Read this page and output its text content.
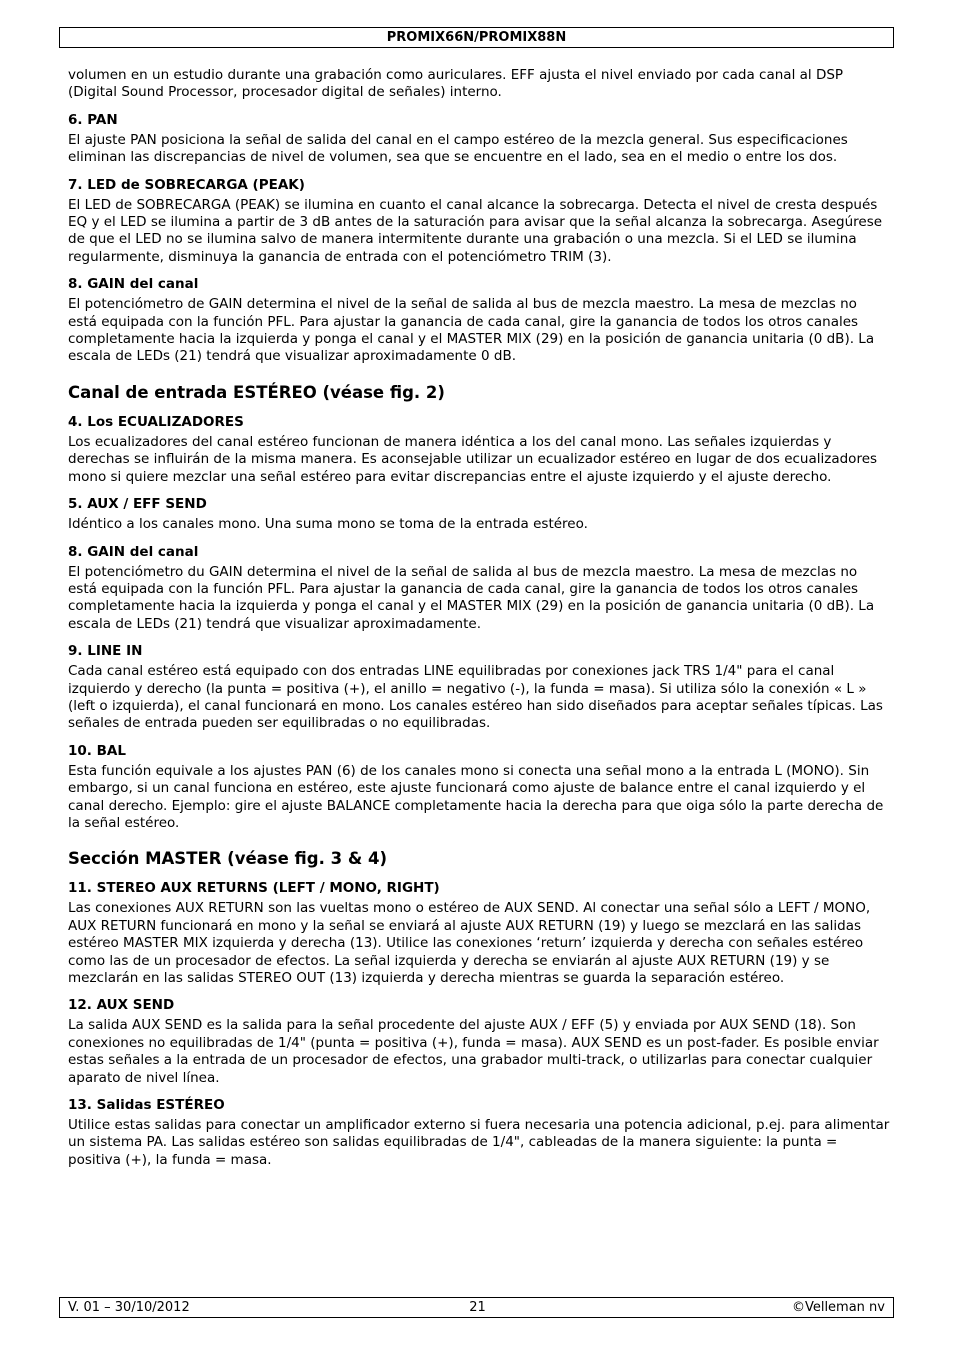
PROMIX66N/PROMIX88N

volumen en un estudio durante una grabación como auriculares. EFF ajusta el nivel enviado por cada canal al DSP (Digital Sound Processor, procesador digital de señales) interno.

6. PAN

El ajuste PAN posiciona la señal de salida del canal en el campo estéreo de la mezcla general. Sus especificaciones eliminan las discrepancias de nivel de volumen, sea que se encuentre en el lado, sea en el medio o entre los dos.

7. LED de SOBRECARGA (PEAK)

El LED de SOBRECARGA (PEAK) se ilumina en cuanto el canal alcance la sobrecarga. Detecta el nivel de cresta después EQ y el LED se ilumina a partir de 3 dB antes de la saturación para avisar que la señal alcanza la sobrecarga. Asegúrese de que el LED no se ilumina salvo de manera intermitente durante una grabación o una mezcla. Si el LED se ilumina regularmente, disminuya la ganancia de entrada con el potenciómetro TRIM (3).

8. GAIN del canal

El potenciómetro de GAIN determina el nivel de la señal de salida al bus de mezcla maestro. La mesa de mezclas no está equipada con la función PFL. Para ajustar la ganancia de cada canal, gire la ganancia de todos los otros canales completamente hacia la izquierda y ponga el canal y el MASTER MIX (29) en la posición de ganancia unitaria (0 dB). La escala de LEDs (21) tendrá que visualizar aproximadamente 0 dB.

Canal de entrada ESTÉREO (véase fig. 2)
4. Los ECUALIZADORES

Los ecualizadores del canal estéreo funcionan de manera idéntica a los del canal mono. Las señales izquierdas y derechas se influirán de la misma manera. Es aconsejable utilizar un ecualizador estéreo en lugar de dos ecualizadores mono si quiere mezclar una señal estéreo para evitar discrepancias entre el ajuste izquierdo y el ajuste derecho.

5. AUX / EFF SEND

Idéntico a los canales mono. Una suma mono se toma de la entrada estéreo.

8. GAIN del canal

El potenciómetro du GAIN determina el nivel de la señal de salida al bus de mezcla maestro. La mesa de mezclas no está equipada con la función PFL. Para ajustar la ganancia de cada canal, gire la ganancia de todos los otros canales completamente hacia la izquierda y ponga el canal y el MASTER MIX (29) en la posición de ganancia unitaria (0 dB). La escala de LEDs (21) tendrá que visualizar aproximadamente.

9. LINE IN

Cada canal estéreo está equipado con dos entradas LINE equilibradas por conexiones jack TRS 1/4" para el canal izquierdo y derecho (la punta = positiva (+), el anillo = negativo (-), la funda = masa). Si utiliza sólo la conexión « L » (left o izquierda), el canal funcionará en mono. Los canales estéreo han sido diseñados para aceptar señales típicas. Las señales de entrada pueden ser equilibradas o no equilibradas.

10. BAL

Esta función equivale a los ajustes PAN (6) de los canales mono si conecta una señal mono a la entrada L (MONO). Sin embargo, si un canal funciona en estéreo, este ajuste funcionará como ajuste de balance entre el canal izquierdo y el canal derecho. Ejemplo: gire el ajuste BALANCE completamente hacia la derecha para que oiga sólo la parte derecha de la señal estéreo.

Sección MASTER (véase fig. 3 & 4)
11. STEREO AUX RETURNS (LEFT / MONO, RIGHT)

Las conexiones AUX RETURN son las vueltas mono o estéreo de AUX SEND. Al conectar una señal sólo a LEFT / MONO, AUX RETURN funcionará en mono y la señal se enviará al ajuste AUX RETURN (19) y luego se mezclará en las salidas estéreo MASTER MIX izquierda y derecha (13). Utilice las conexiones ‘return’ izquierda y derecha con señales estéreo como las de un procesador de efectos. La señal izquierda y derecha se enviarán al ajuste AUX RETURN (19) y se mezclarán en las salidas STEREO OUT (13) izquierda y derecha mientras se guarda la separación estéreo.

12. AUX SEND

La salida AUX SEND es la salida para la señal procedente del ajuste AUX / EFF (5) y enviada por AUX SEND (18). Son conexiones no equilibradas de 1/4" (punta = positiva (+), funda = masa). AUX SEND es un post-fader. Es posible enviar estas señales a la entrada de un procesador de efectos, una grabador multi-track, o utilizarlas para conectar cualquier aparato de nivel línea.

13. Salidas ESTÉREO

Utilice estas salidas para conectar un amplificador externo si fuera necesaria una potencia adicional, p.ej. para alimentar un sistema PA. Las salidas estéreo son salidas equilibradas de 1/4", cableadas de la manera siguiente: la punta = positiva (+), la funda = masa.

V. 01 – 30/10/2012	21	©Velleman nv
